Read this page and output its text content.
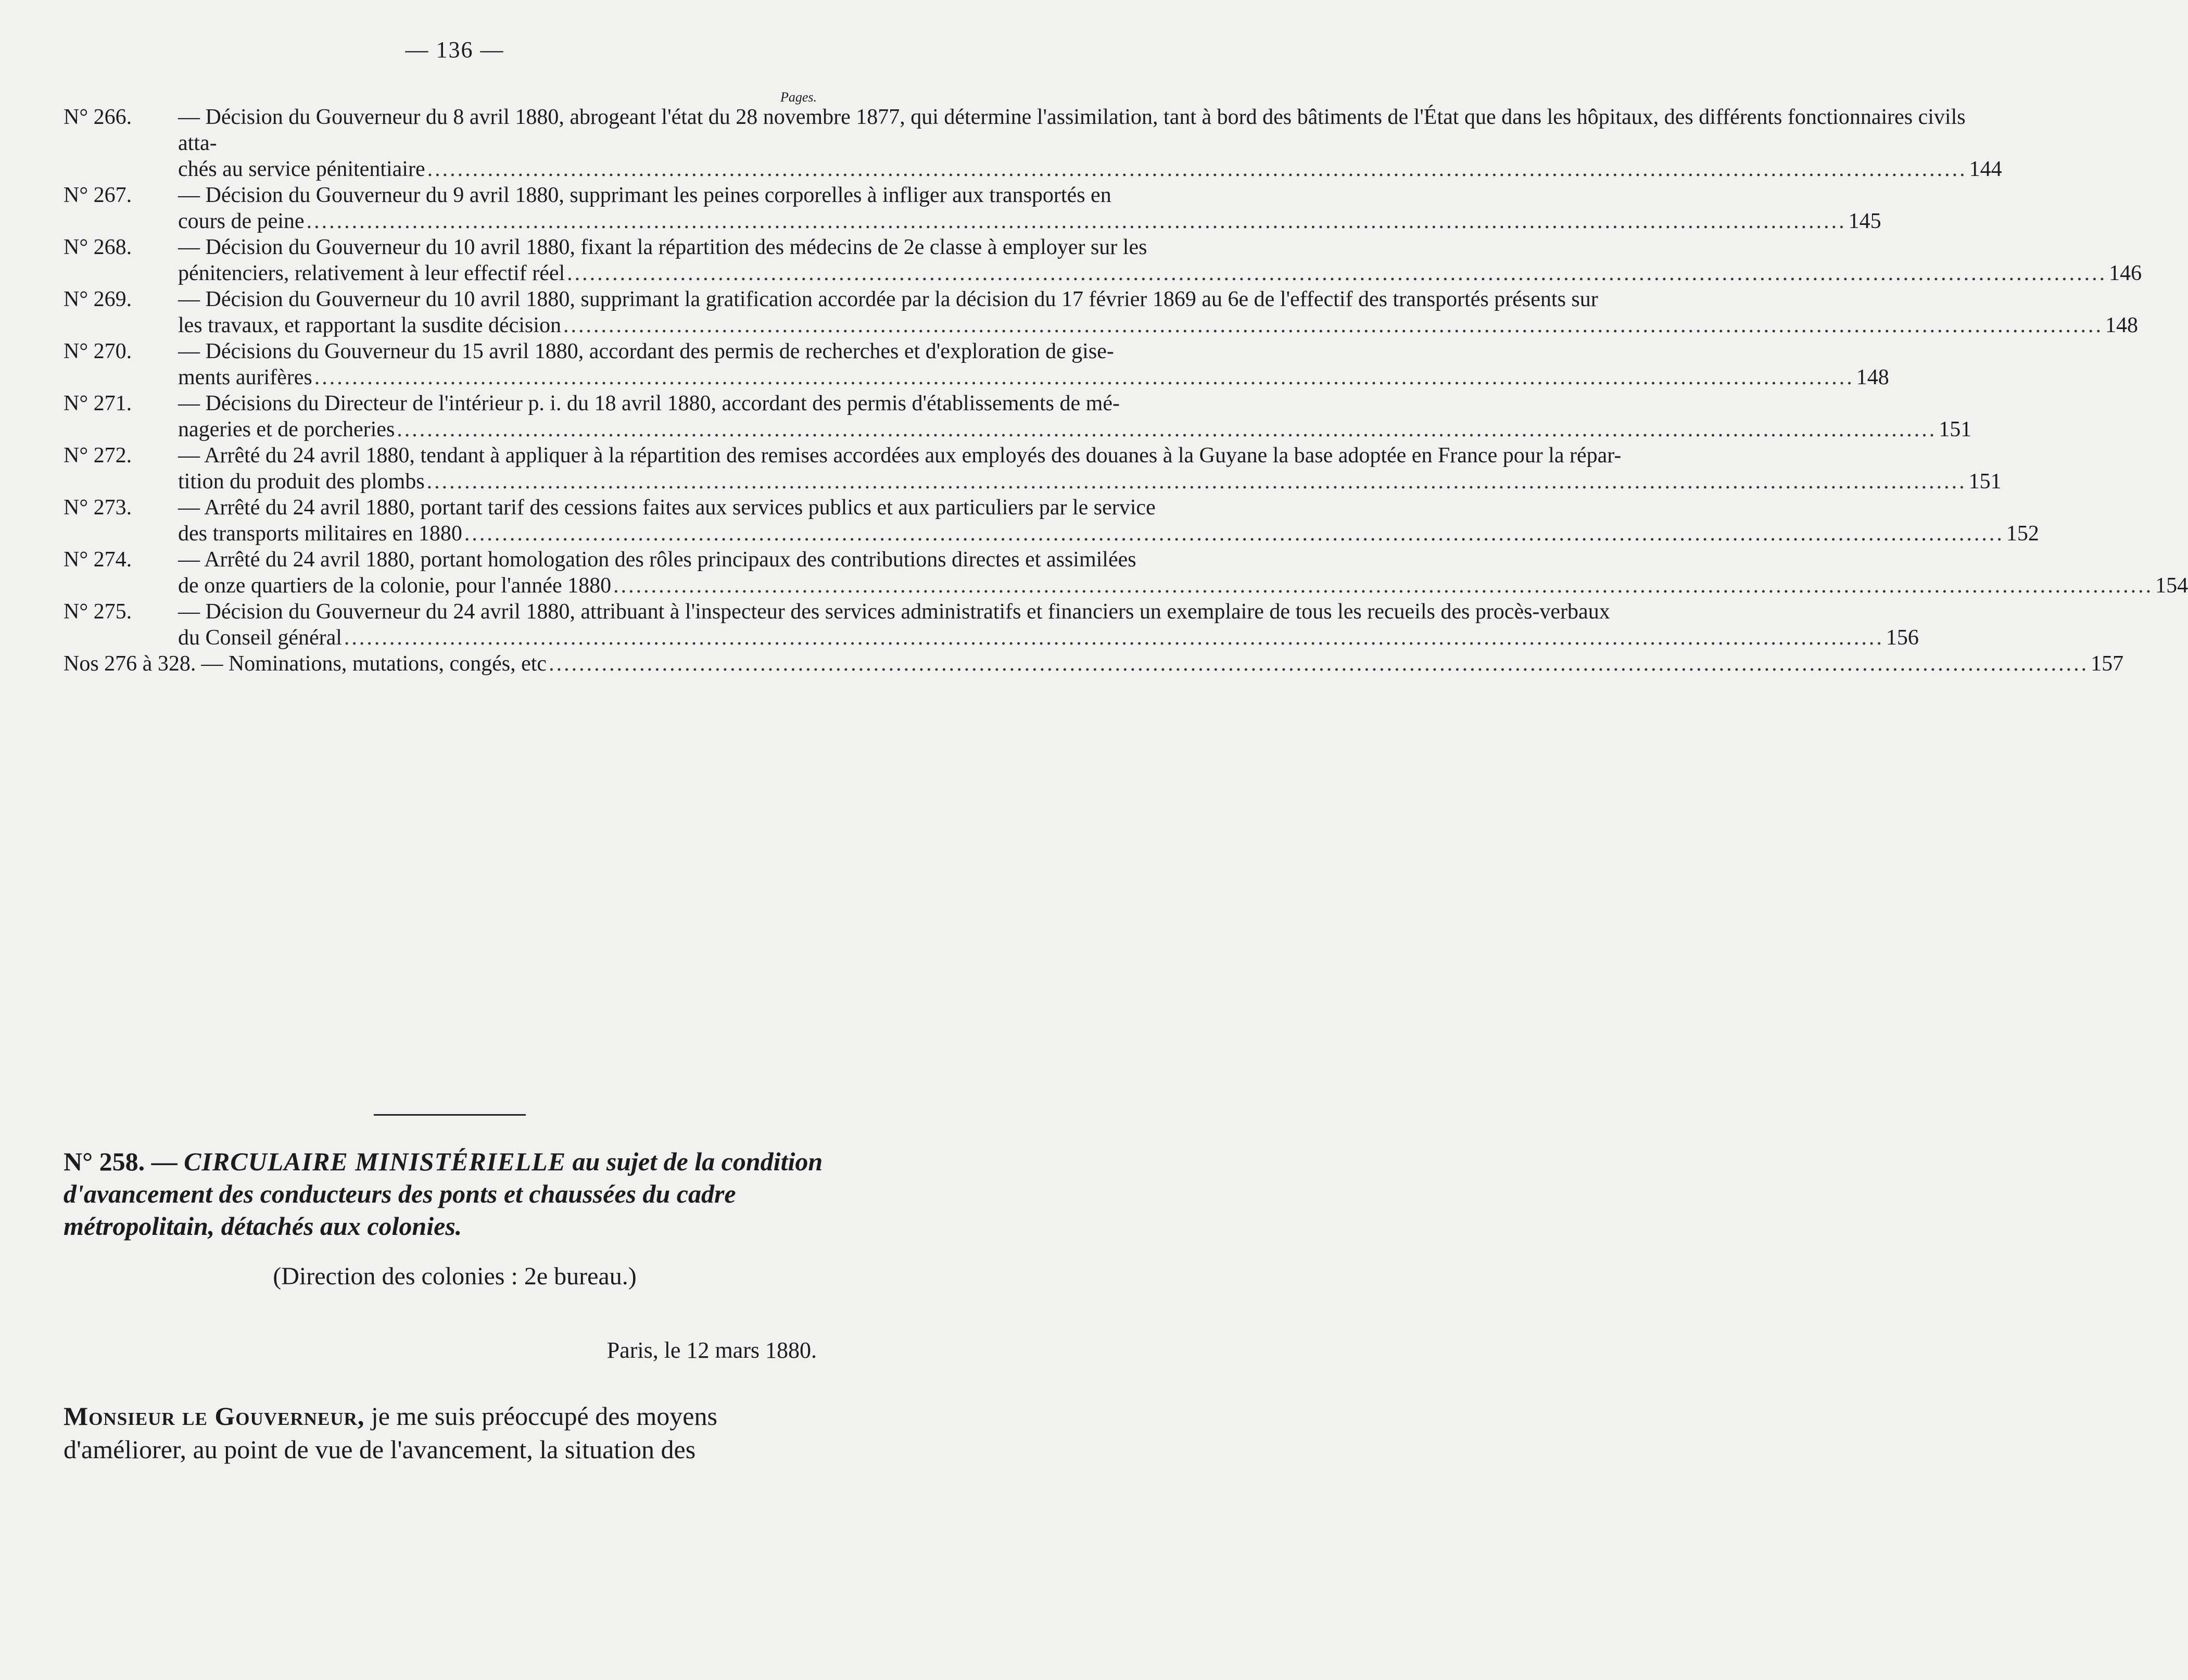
— 136 —
Pages.
N° 266.	— Décision du Gouverneur du 8 avril 1880, abrogeant l'état du 28 novembre 1877, qui détermine l'assimilation, tant à bord des bâtiments de l'État que dans les hôpitaux, des différents fonctionnaires civils atta-
chés au service pénitentiaire .....	144
N° 267.	— Décision du Gouverneur du 9 avril 1880, supprimant les peines corporelles à infliger aux transportés en
cours de peine .....	145
N° 268.	— Décision du Gouverneur du 10 avril 1880, fixant la répartition des médecins de 2e classe à employer sur les
pénitenciers, relativement à leur effectif réel .....	146
N° 269.	— Décision du Gouverneur du 10 avril 1880, supprimant la gratification accordée par la décision du 17 février 1869 au 6e de l'effectif des transportés présents sur
les travaux, et rapportant la susdite décision .....	148
N° 270.	— Décisions du Gouverneur du 15 avril 1880, accordant des permis de recherches et d'exploration de gise-
ments aurifères .....	148
N° 271.	— Décisions du Directeur de l'intérieur p. i. du 18 avril 1880, accordant des permis d'établissements de mé-
nageries et de porcheries .....	151
N° 272.	— Arrêté du 24 avril 1880, tendant à appliquer à la répartition des remises accordées aux employés des douanes à la Guyane la base adoptée en France pour la répar-
tition du produit des plombs .....	151
N° 273.	— Arrêté du 24 avril 1880, portant tarif des cessions faites aux services publics et aux particuliers par le service
des transports militaires en 1880 .....	152
N° 274.	— Arrêté du 24 avril 1880, portant homologation des rôles principaux des contributions directes et assimilées
de onze quartiers de la colonie, pour l'année 1880 .....	154
N° 275.	— Décision du Gouverneur du 24 avril 1880, attribuant à l'inspecteur des services administratifs et financiers un exemplaire de tous les recueils des procès-verbaux
du Conseil général .....	156
Nos 276 à 328. — Nominations, mutations, congés, etc .....	157
N° 258. — CIRCULAIRE MINISTÉRIELLE au sujet de la condition d'avancement des conducteurs des ponts et chaussées du cadre métropolitain, détachés aux colonies.
(Direction des colonies : 2e bureau.)
Paris, le 12 mars 1880.
Monsieur le Gouverneur, je me suis préoccupé des moyens d'améliorer, au point de vue de l'avancement, la situation des
